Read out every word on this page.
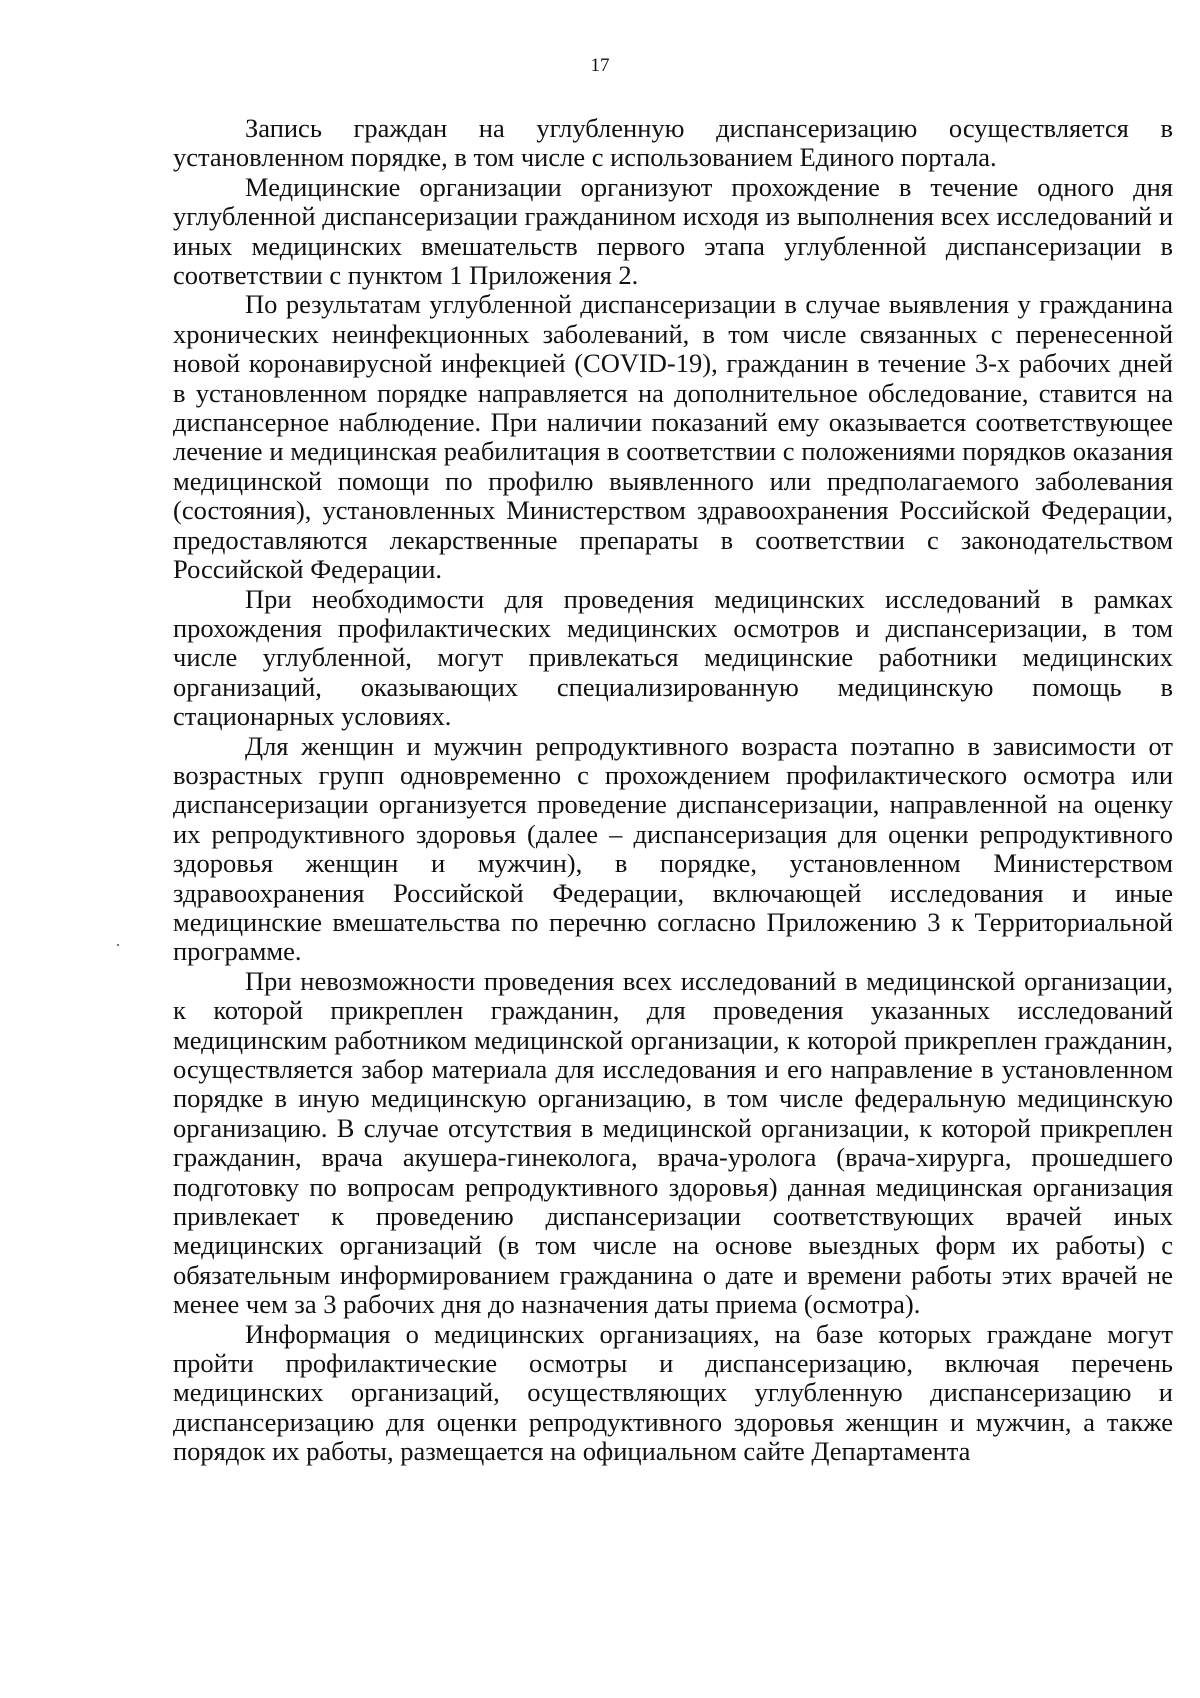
17

Запись граждан на углубленную диспансеризацию осуществляется в установленном порядке, в том числе с использованием Единого портала.

Медицинские организации организуют прохождение в течение одного дня углубленной диспансеризации гражданином исходя из выполнения всех исследований и иных медицинских вмешательств первого этапа углубленной диспансеризации в соответствии с пунктом 1 Приложения 2.

По результатам углубленной диспансеризации в случае выявления у гражданина хронических неинфекционных заболеваний, в том числе связанных с перенесенной новой коронавирусной инфекцией (COVID-19), гражданин в течение 3-х рабочих дней в установленном порядке направляется на дополнительное обследование, ставится на диспансерное наблюдение. При наличии показаний ему оказывается соответствующее лечение и медицинская реабилитация в соответствии с положениями порядков оказания медицинской помощи по профилю выявленного или предполагаемого заболевания (состояния), установленных Министерством здравоохранения Российской Федерации, предоставляются лекарственные препараты в соответствии с законодательством Российской Федерации.

При необходимости для проведения медицинских исследований в рамках прохождения профилактических медицинских осмотров и диспансеризации, в том числе углубленной, могут привлекаться медицинские работники медицинских организаций, оказывающих специализированную медицинскую помощь в стационарных условиях.

Для женщин и мужчин репродуктивного возраста поэтапно в зависимости от возрастных групп одновременно с прохождением профилактического осмотра или диспансеризации организуется проведение диспансеризации, направленной на оценку их репродуктивного здоровья (далее – диспансеризация для оценки репродуктивного здоровья женщин и мужчин), в порядке, установленном Министерством здравоохранения Российской Федерации, включающей исследования и иные медицинские вмешательства по перечню согласно Приложению 3 к Территориальной программе.

При невозможности проведения всех исследований в медицинской организации, к которой прикреплен гражданин, для проведения указанных исследований медицинским работником медицинской организации, к которой прикреплен гражданин, осуществляется забор материала для исследования и его направление в установленном порядке в иную медицинскую организацию, в том числе федеральную медицинскую организацию. В случае отсутствия в медицинской организации, к которой прикреплен гражданин, врача акушера-гинеколога, врача-уролога (врача-хирурга, прошедшего подготовку по вопросам репродуктивного здоровья) данная медицинская организация привлекает к проведению диспансеризации соответствующих врачей иных медицинских организаций (в том числе на основе выездных форм их работы) с обязательным информированием гражданина о дате и времени работы этих врачей не менее чем за 3 рабочих дня до назначения даты приема (осмотра).

Информация о медицинских организациях, на базе которых граждане могут пройти профилактические осмотры и диспансеризацию, включая перечень медицинских организаций, осуществляющих углубленную диспансеризацию и диспансеризацию для оценки репродуктивного здоровья женщин и мужчин, а также порядок их работы, размещается на официальном сайте Департамента
